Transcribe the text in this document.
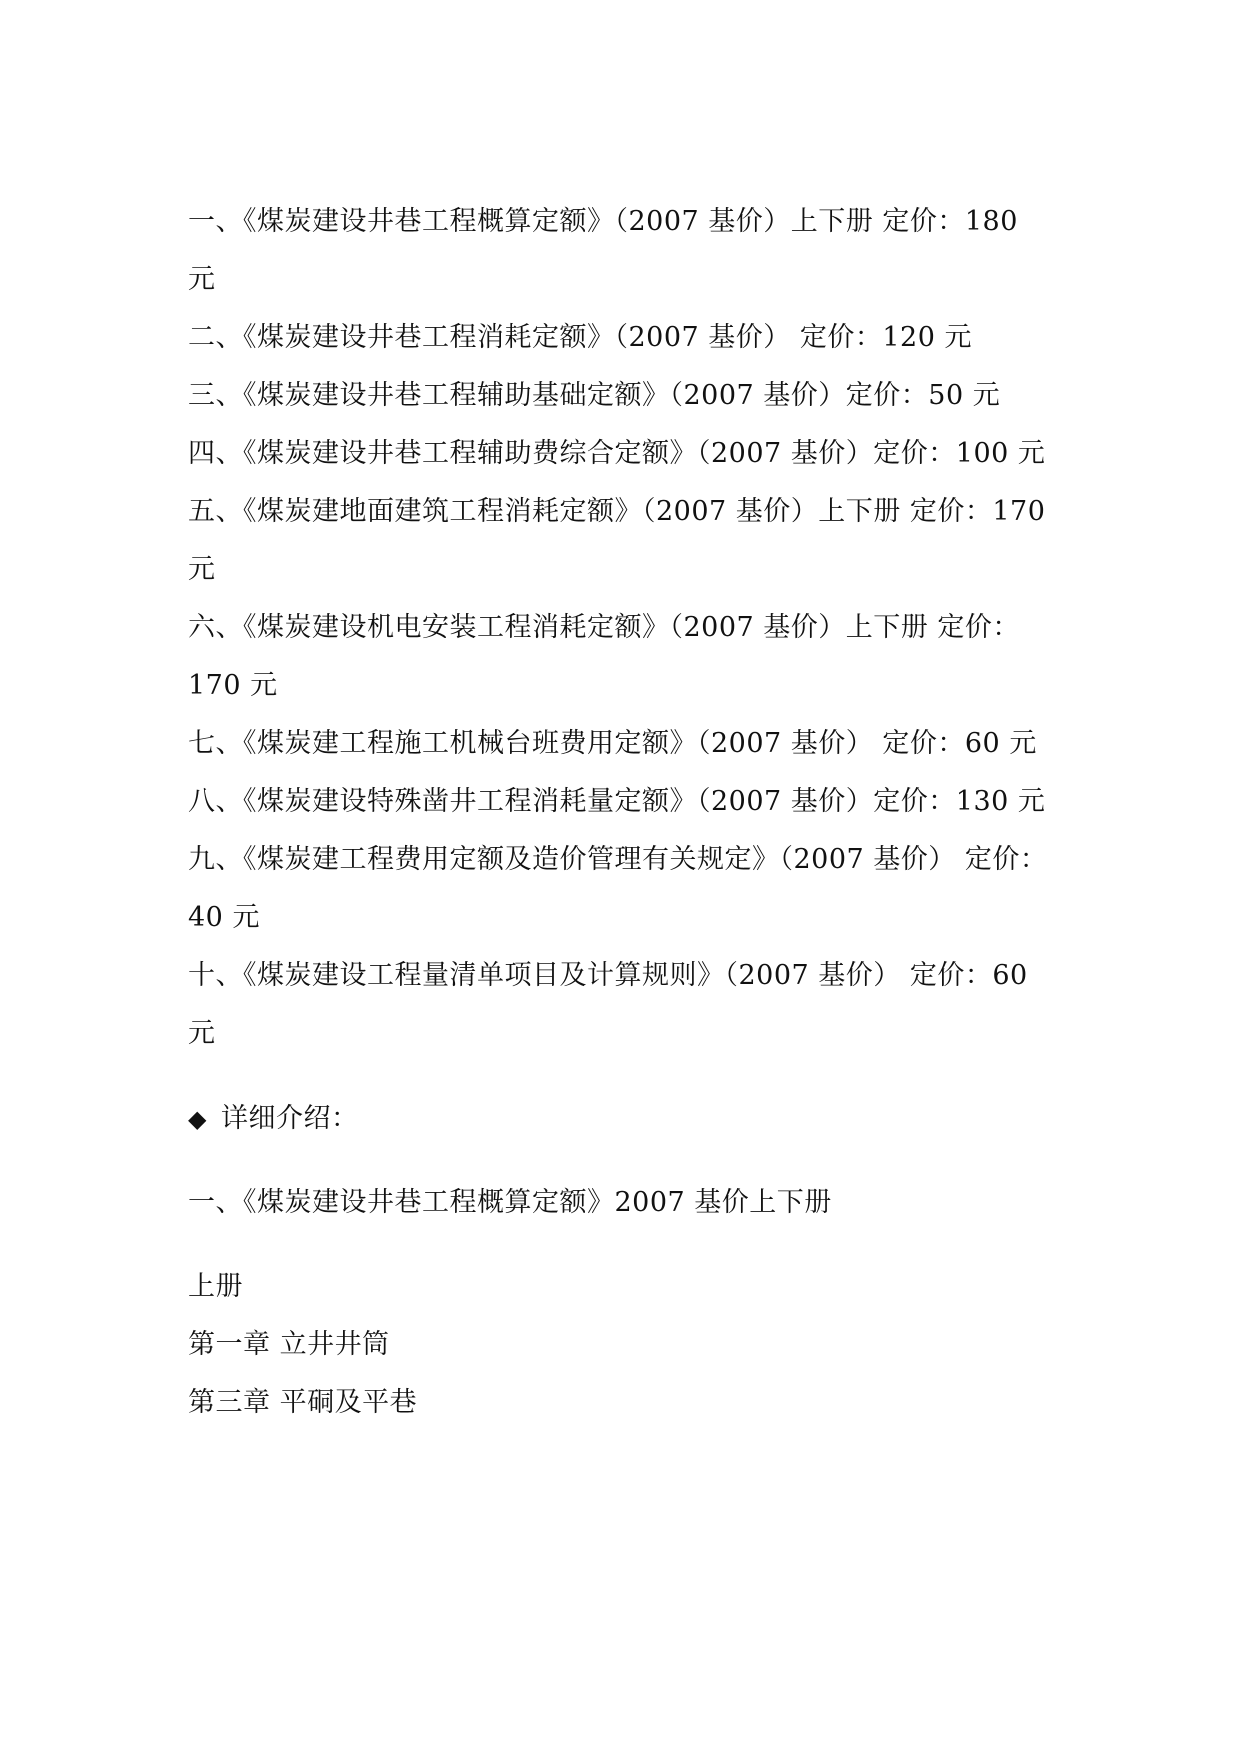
一、《煤炭建设井巷工程概算定额》（2007 基价）上下册 定价：180
元
二、《煤炭建设井巷工程消耗定额》（2007 基价） 定价：120 元
三、《煤炭建设井巷工程辅助基础定额》（2007 基价）定价：50 元
四、《煤炭建设井巷工程辅助费综合定额》（2007 基价）定价：100 元
五、《煤炭建地面建筑工程消耗定额》（2007 基价）上下册 定价：170
元
六、《煤炭建设机电安装工程消耗定额》（2007 基价）上下册 定价：
170 元
七、《煤炭建工程施工机械台班费用定额》（2007 基价） 定价：60 元
八、《煤炭建设特殊凿井工程消耗量定额》（2007 基价）定价：130 元
九、《煤炭建工程费用定额及造价管理有关规定》（2007 基价） 定价：
40 元
十、《煤炭建设工程量清单项目及计算规则》（2007 基价） 定价：60
元
◆ 详细介绍：
一、《煤炭建设井巷工程概算定额》2007 基价上下册
上册
第一章 立井井筒
第三章 平硐及平巷
